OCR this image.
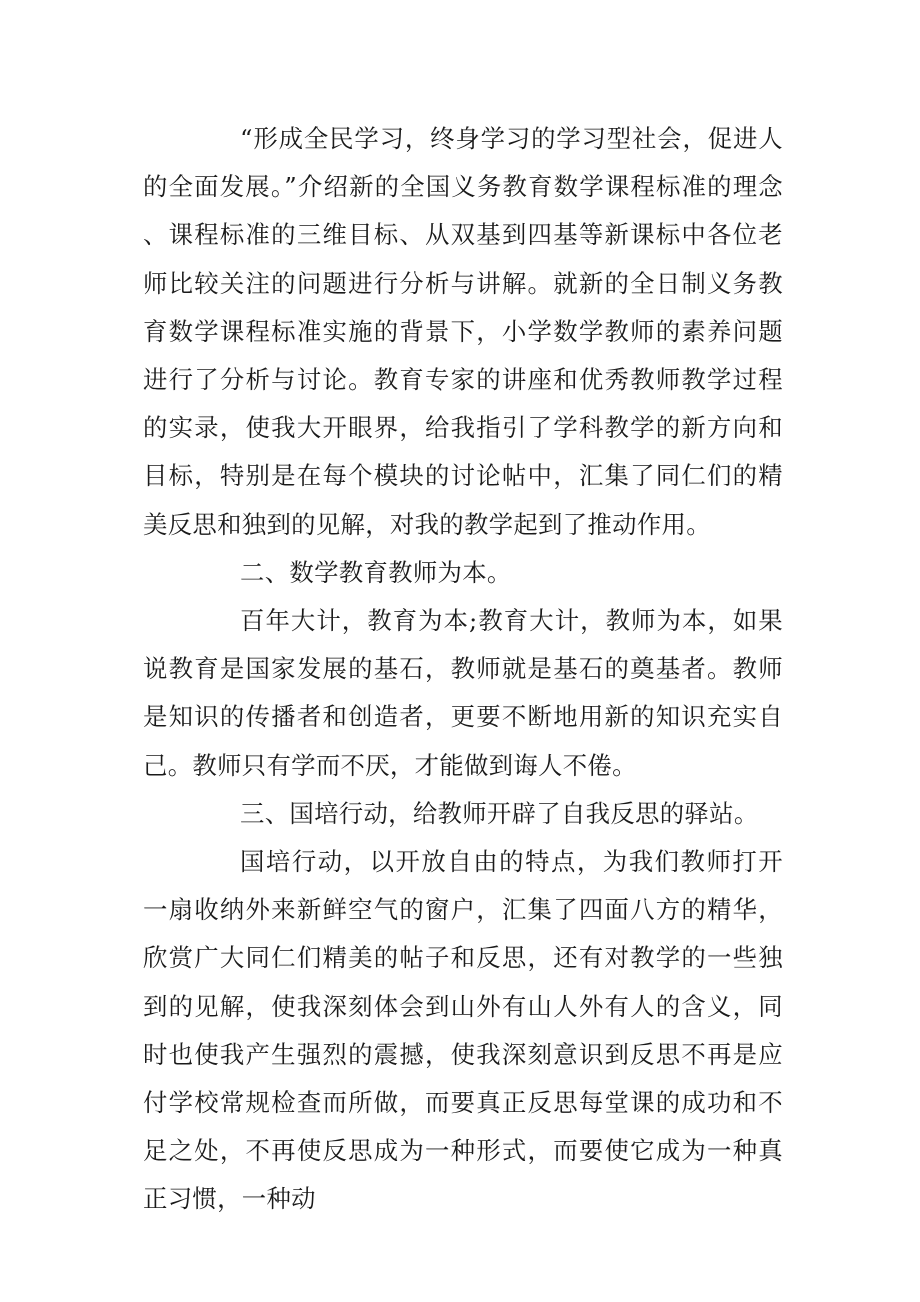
“形成全民学习，终身学习的学习型社会，促进人的全面发展。”介绍新的全国义务教育数学课程标准的理念、课程标准的三维目标、从双基到四基等新课标中各位老师比较关注的问题进行分析与讲解。就新的全日制义务教育数学课程标准实施的背景下，小学数学教师的素养问题进行了分析与讨论。教育专家的讲座和优秀教师教学过程的实录，使我大开眼界，给我指引了学科教学的新方向和目标，特别是在每个模块的讨论帖中，汇集了同仁们的精美反思和独到的见解，对我的教学起到了推动作用。

二、数学教育教师为本。

百年大计，教育为本;教育大计，教师为本，如果说教育是国家发展的基石，教师就是基石的奠基者。教师是知识的传播者和创造者，更要不断地用新的知识充实自己。教师只有学而不厌，才能做到诲人不倦。

三、国培行动，给教师开辟了自我反思的驿站。

国培行动，以开放自由的特点，为我们教师打开一扇收纳外来新鲜空气的窗户，汇集了四面八方的精华，欣赏广大同仁们精美的帖子和反思，还有对教学的一些独到的见解，使我深刻体会到山外有山人外有人的含义，同时也使我产生强烈的震撼，使我深刻意识到反思不再是应付学校常规检查而所做，而要真正反思每堂课的成功和不足之处，不再使反思成为一种形式，而要使它成为一种真正习惯，一种动
